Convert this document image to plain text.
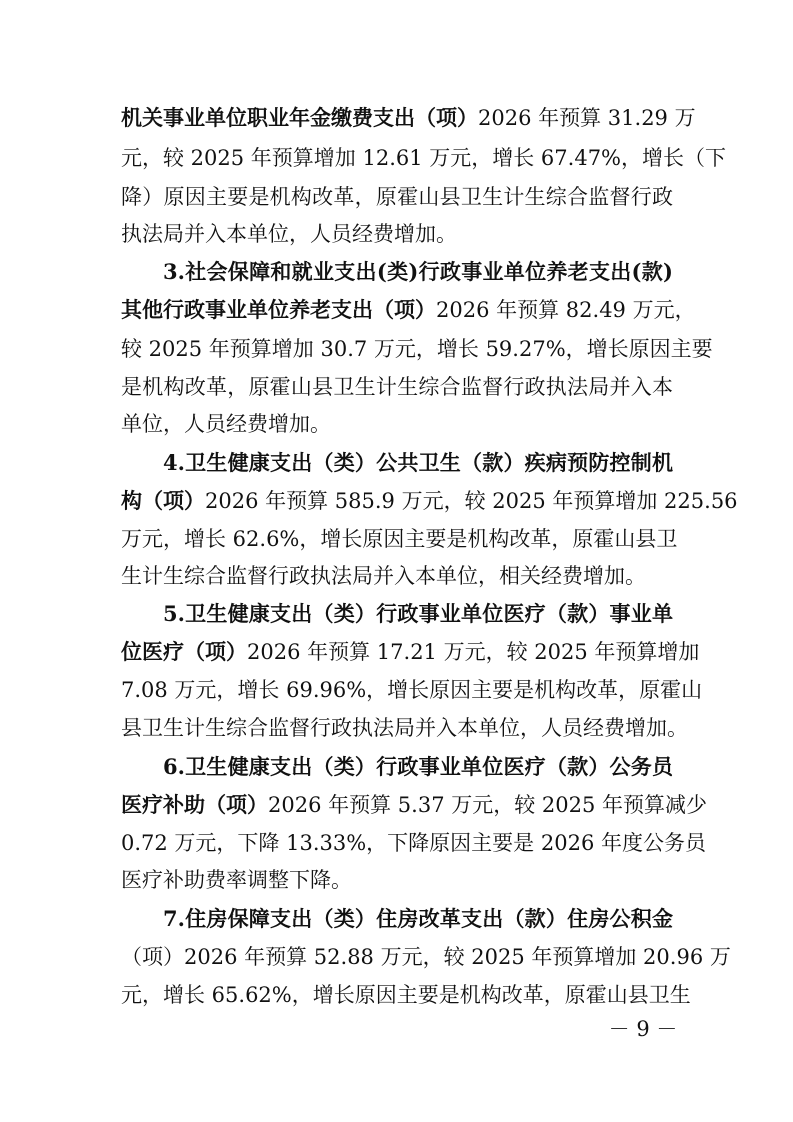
机关事业单位职业年金缴费支出（项）2026 年预算 31.29 万
元，较 2025 年预算增加 12.61 万元，增长 67.47%，增长（下
降）原因主要是机构改革，原霍山县卫生计生综合监督行政
执法局并入本单位，人员经费增加。
3.社会保障和就业支出(类)行政事业单位养老支出(款)
其他行政事业单位养老支出（项）2026 年预算 82.49 万元，
较 2025 年预算增加 30.7 万元，增长 59.27%，增长原因主要
是机构改革，原霍山县卫生计生综合监督行政执法局并入本
单位，人员经费增加。
4.卫生健康支出（类）公共卫生（款）疾病预防控制机
构（项）2026 年预算 585.9 万元，较 2025 年预算增加 225.56
万元，增长 62.6%，增长原因主要是机构改革，原霍山县卫
生计生综合监督行政执法局并入本单位，相关经费增加。
5.卫生健康支出（类）行政事业单位医疗（款）事业单
位医疗（项）2026 年预算 17.21 万元，较 2025 年预算增加
7.08 万元，增长 69.96%，增长原因主要是机构改革，原霍山
县卫生计生综合监督行政执法局并入本单位，人员经费增加。
6.卫生健康支出（类）行政事业单位医疗（款）公务员
医疗补助（项）2026 年预算 5.37 万元，较 2025 年预算减少
0.72 万元，下降 13.33%，下降原因主要是 2026 年度公务员
医疗补助费率调整下降。
7.住房保障支出（类）住房改革支出（款）住房公积金
（项）2026 年预算 52.88 万元，较 2025 年预算增加 20.96 万
元，增长 65.62%，增长原因主要是机构改革，原霍山县卫生
－ 9 －
